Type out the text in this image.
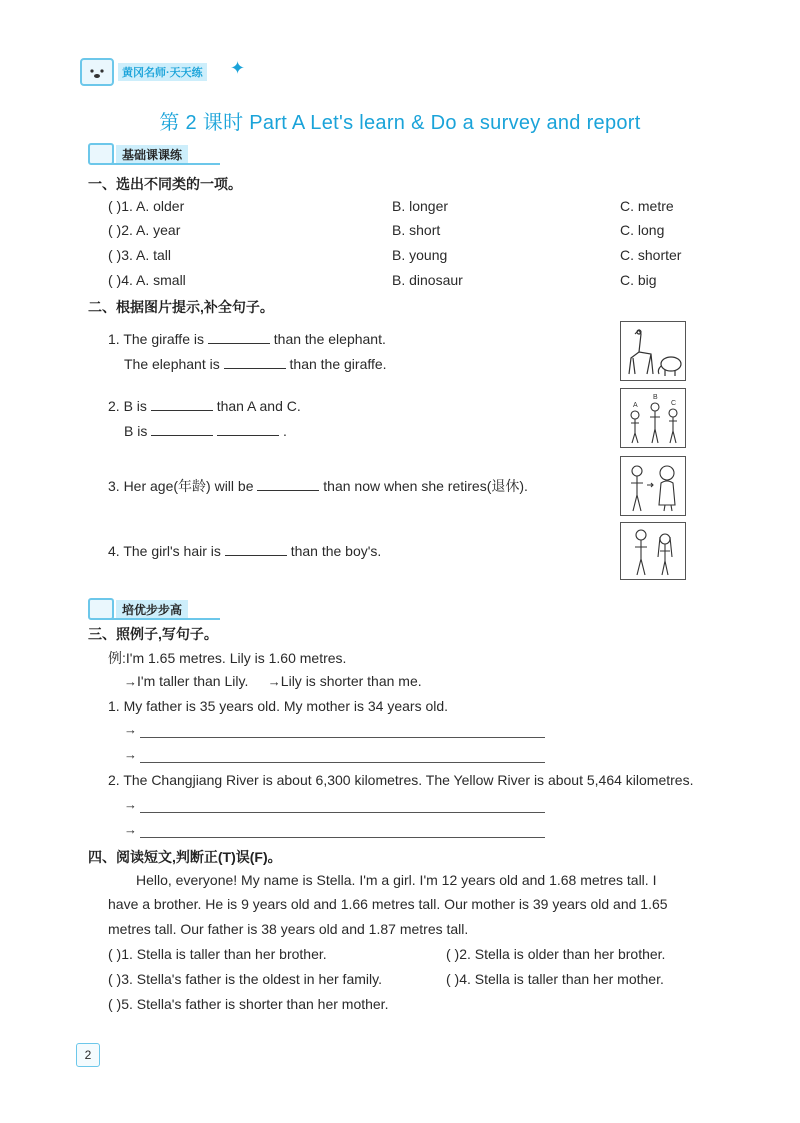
黄冈名师·天天练 ✦
第 2 课时 Part A Let's learn & Do a survey and report
基础课课练
一、选出不同类的一项。
( )1. A. older	B. longer	C. metre
( )2. A. year	B. short	C. long
( )3. A. tall	B. young	C. shorter
( )4. A. small	B. dinosaur	C. big
二、根据图片提示,补全句子。
1. The giraffe is	than the elephant.
The elephant is	than the giraffe.
2. B is	than A and C.
B is	.
A
B
C
3. Her age(年龄) will be	than now when she retires(退休).
4. The girl's hair is	than the boy's.
培优步步高
三、照例子,写句子。
例:I'm 1.65 metres. Lily is 1.60 metres.
→I'm taller than Lily. →Lily is shorter than me.
1. My father is 35 years old. My mother is 34 years old.
→
→
2. The Changjiang River is about 6,300 kilometres. The Yellow River is about 5,464 kilometres.
→
→
四、阅读短文,判断正(T)误(F)。
Hello, everyone! My name is Stella. I'm a girl. I'm 12 years old and 1.68 metres tall. I
have a brother. He is 9 years old and 1.66 metres tall. Our mother is 39 years old and 1.65
metres tall. Our father is 38 years old and 1.87 metres tall.
( )1. Stella is taller than her brother.	( )2. Stella is older than her brother.
( )3. Stella's father is the oldest in her family.	( )4. Stella is taller than her mother.
( )5. Stella's father is shorter than her mother.
2
